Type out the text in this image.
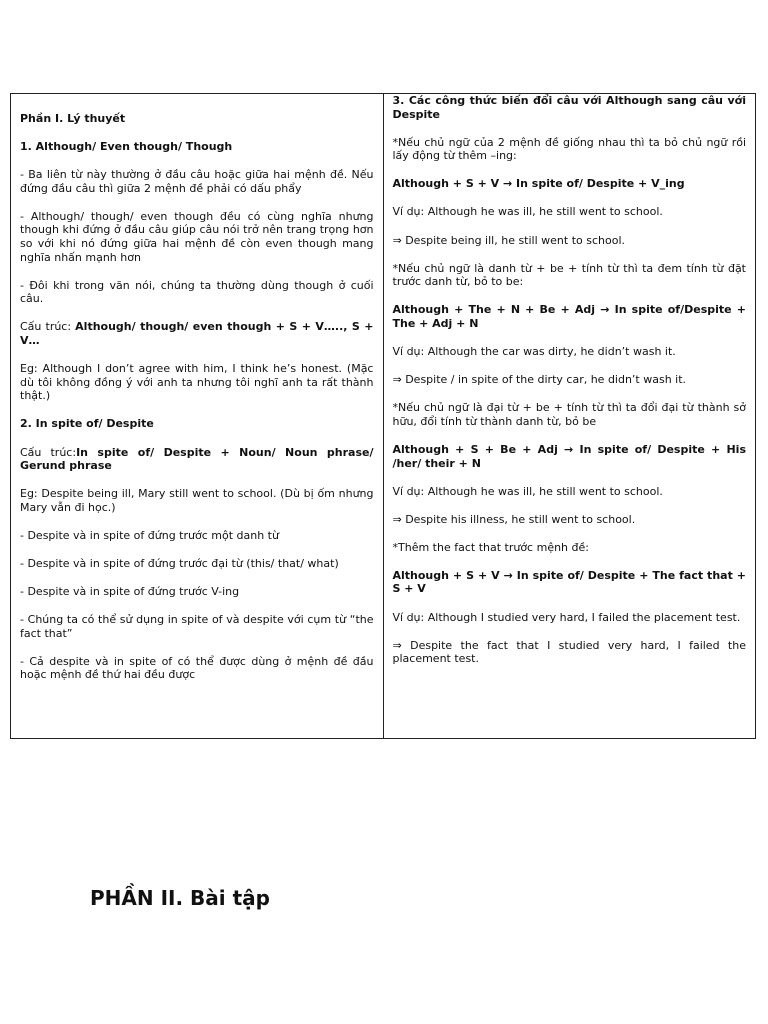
Phần I. Lý thuyết

1. Although/ Even though/ Though

- Ba liên từ này thường ở đầu câu hoặc giữa hai mệnh đề. Nếu đứng đầu câu thì giữa 2 mệnh đề phải có dấu phẩy

- Although/ though/ even though đều có cùng nghĩa nhưng though khi đứng ở đầu câu giúp câu nói trở nên trang trọng hơn so với khi nó đứng giữa hai mệnh đề còn even though mang nghĩa nhấn mạnh hơn

- Đôi khi trong văn nói, chúng ta thường dùng though ở cuối câu.

Cấu trúc: Although/ though/ even though + S + V….., S + V…

Eg: Although I don’t agree with him, I think he’s honest. (Mặc dù tôi không đồng ý với anh ta nhưng tôi nghĩ anh ta rất thành thật.)

2. In spite of/ Despite

Cấu trúc:In spite of/ Despite + Noun/ Noun phrase/ Gerund phrase

Eg: Despite being ill, Mary still went to school. (Dù bị ốm nhưng Mary vẫn đi học.)

- Despite và in spite of đứng trước một danh từ

- Despite và in spite of đứng trước đại từ (this/ that/ what)

- Despite và in spite of đứng trước V-ing

- Chúng ta có thể sử dụng in spite of và despite với cụm từ “the fact that”

- Cả despite và in spite of có thể được dùng ở mệnh đề đầu hoặc mệnh đề thứ hai đều được

3. Các công thức biến đổi câu với Although sang câu với Despite

*Nếu chủ ngữ của 2 mệnh đề giống nhau thì ta bỏ chủ ngữ rồi lấy động từ thêm –ing:

Although + S + V → In spite of/ Despite + V_ing

Ví dụ: Although he was ill, he still went to school.

⇒ Despite being ill, he still went to school.

*Nếu chủ ngữ là danh từ + be + tính từ thì ta đem tính từ đặt trước danh từ, bỏ to be:

Although + The + N + Be + Adj → In spite of/Despite + The + Adj + N

Ví dụ: Although the car was dirty, he didn’t wash it.

⇒ Despite / in spite of the dirty car, he didn’t wash it.

*Nếu chủ ngữ là đại từ + be + tính từ thì ta đổi đại từ thành sở hữu, đổi tính từ thành danh từ, bỏ be

Although + S + Be + Adj → In spite of/ Despite + His /her/ their + N

Ví dụ: Although he was ill, he still went to school.

⇒ Despite his illness, he still went to school.

*Thêm the fact that trước mệnh đề:

Although + S + V → In spite of/ Despite + The fact that + S + V

Ví dụ: Although I studied very hard, I failed the placement test.

⇒ Despite the fact that I studied very hard, I failed the placement test.

PHẦN II. Bài tập
